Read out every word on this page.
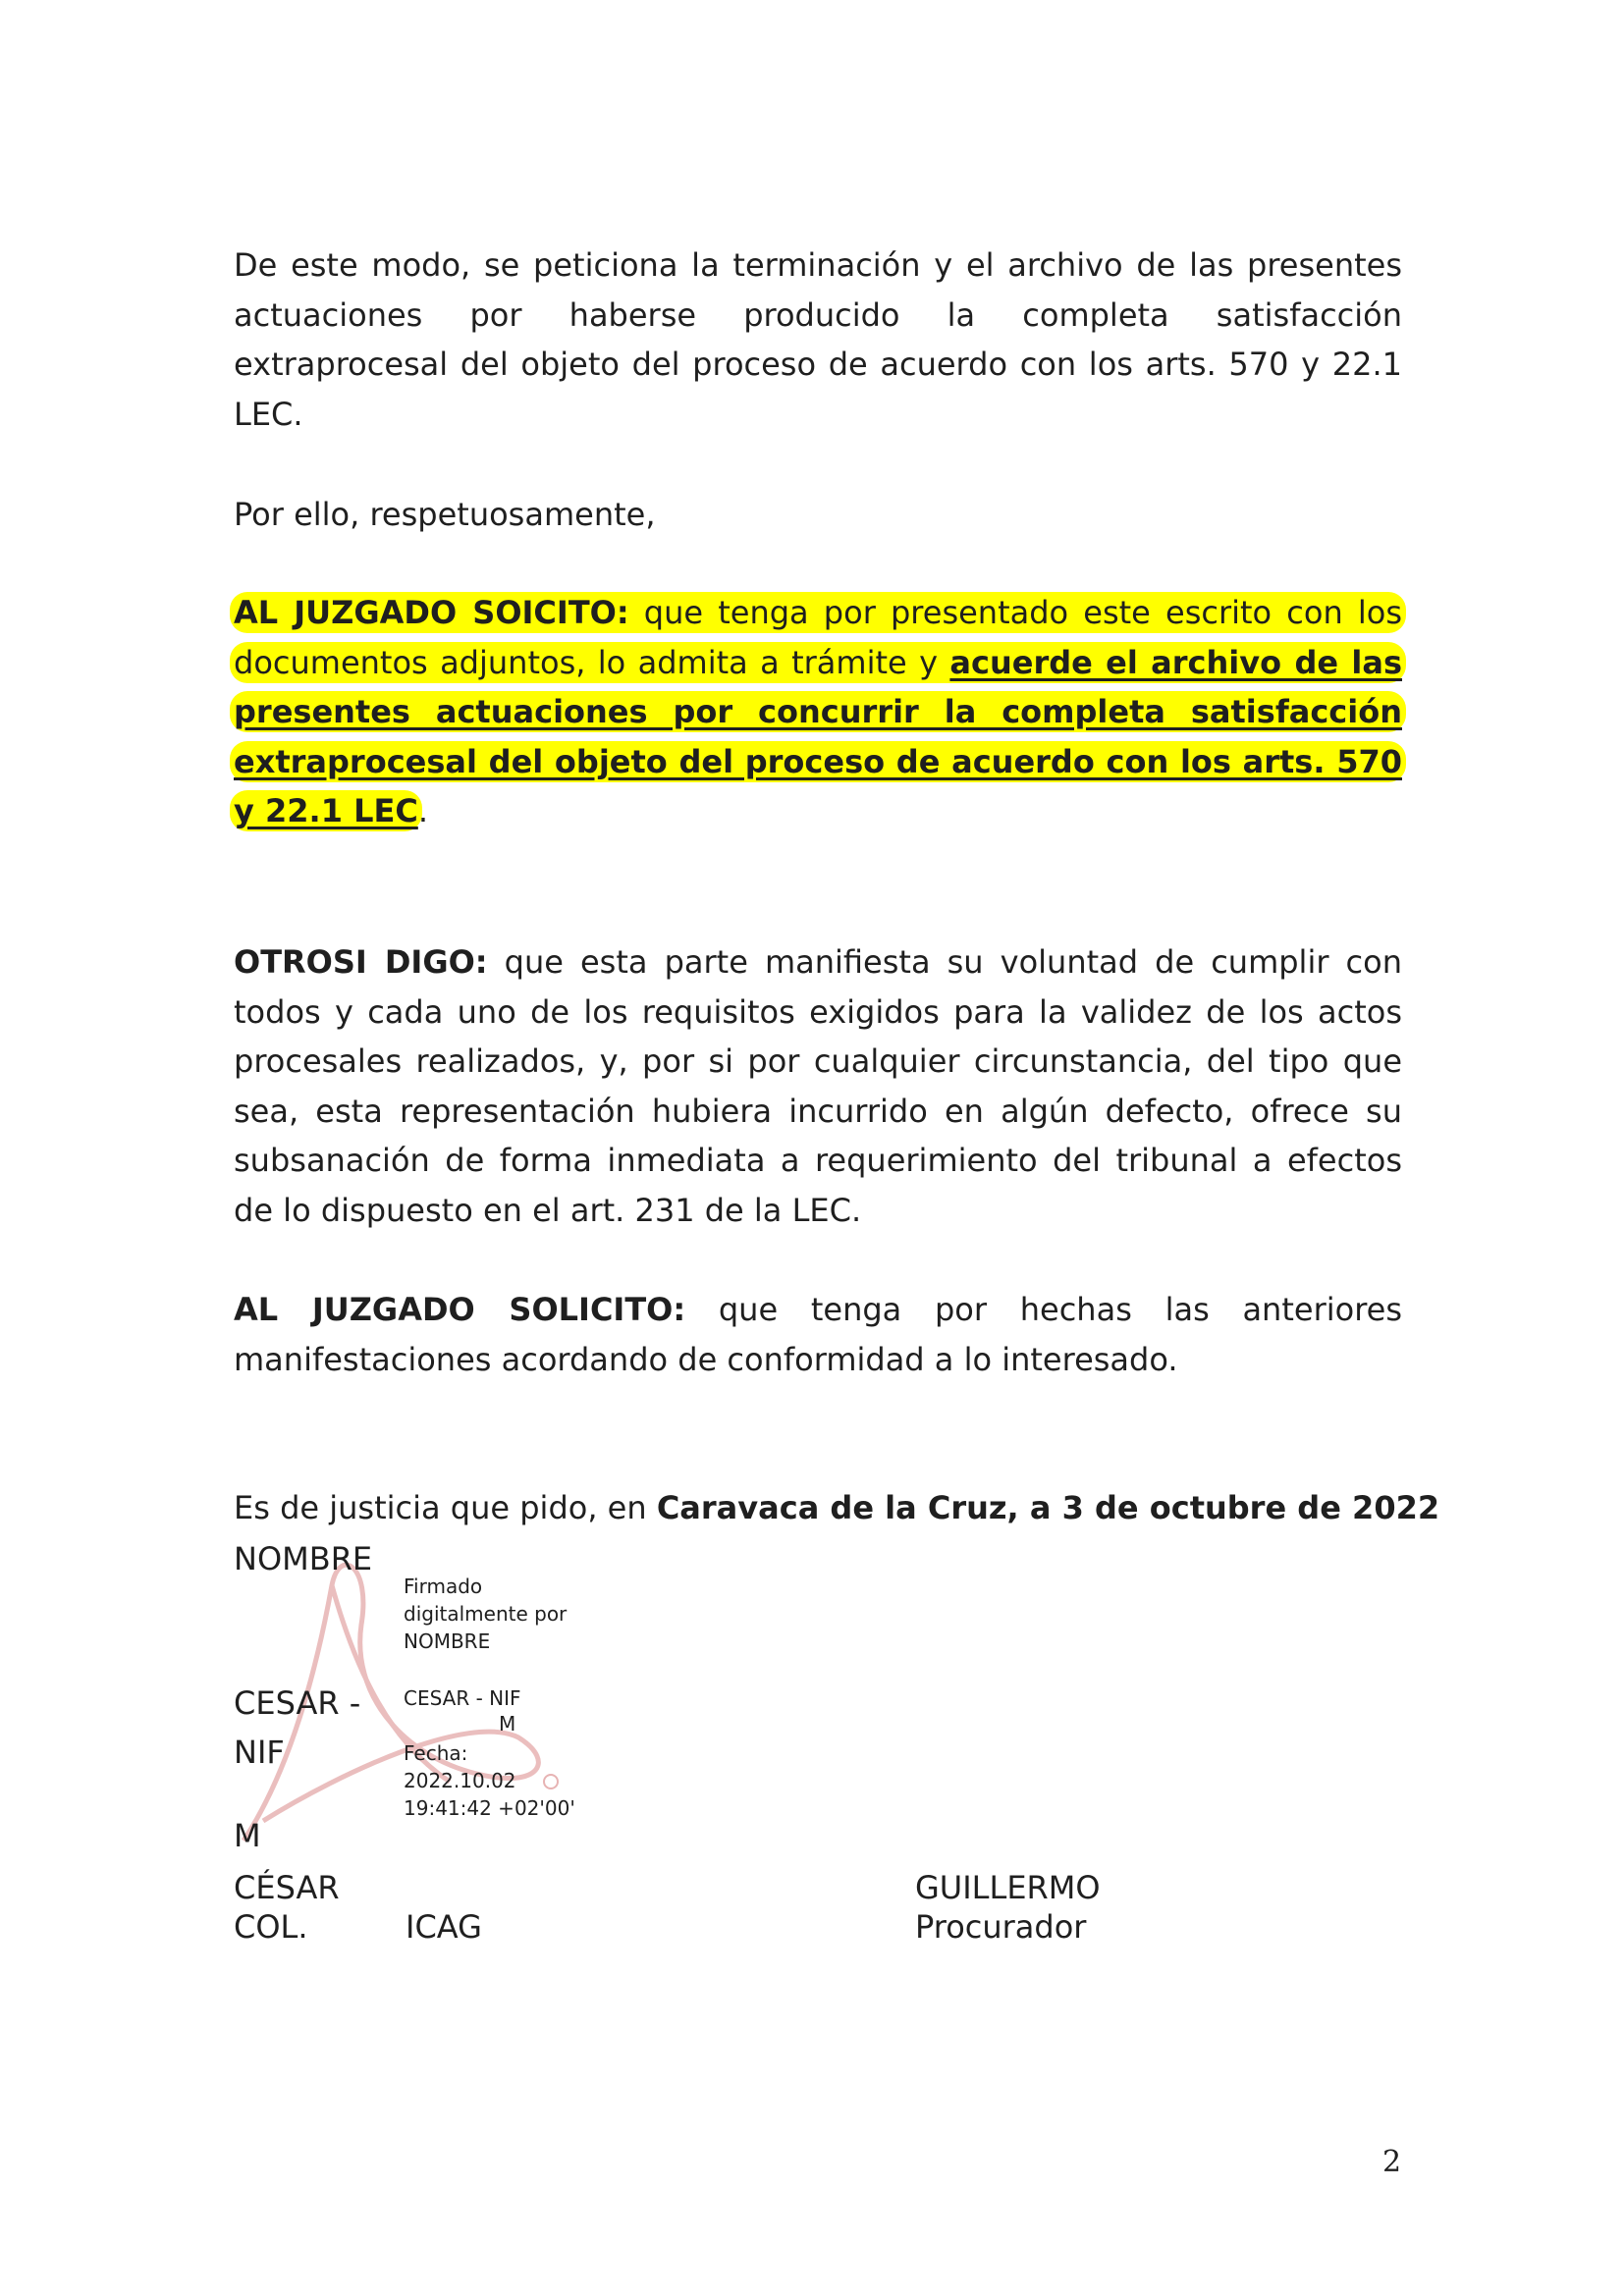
De este modo, se peticiona la terminación y el archivo de las presentes actuaciones por haberse producido la completa satisfacción extraprocesal del objeto del proceso de acuerdo con los arts. 570 y 22.1 LEC.

Por ello, respetuosamente,

AL JUZGADO SOICITO: que tenga por presentado este escrito con los documentos adjuntos, lo admita a trámite y acuerde el archivo de las presentes actuaciones por concurrir la completa satisfacción extraprocesal del objeto del proceso de acuerdo con los arts. 570 y 22.1 LEC.

OTROSI DIGO: que esta parte manifiesta su voluntad de cumplir con todos y cada uno de los requisitos exigidos para la validez de los actos procesales realizados, y, por si por cualquier circunstancia, del tipo que sea, esta representación hubiera incurrido en algún defecto, ofrece su subsanación de forma inmediata a requerimiento del tribunal a efectos de lo dispuesto en el art. 231 de la LEC.

AL JUZGADO SOLICITO: que tenga por hechas las anteriores manifestaciones acordando de conformidad a lo interesado.

Es de justicia que pido, en Caravaca de la Cruz, a 3 de octubre de 2022
NOMBRE
CESAR -
NIF
M
Firmado
digitalmente por
NOMBRE
CESAR - NIF
M
Fecha:
2022.10.02
19:41:42 +02'00'
CÉSAR
COL.	ICAG
GUILLERMO
Procurador
2
